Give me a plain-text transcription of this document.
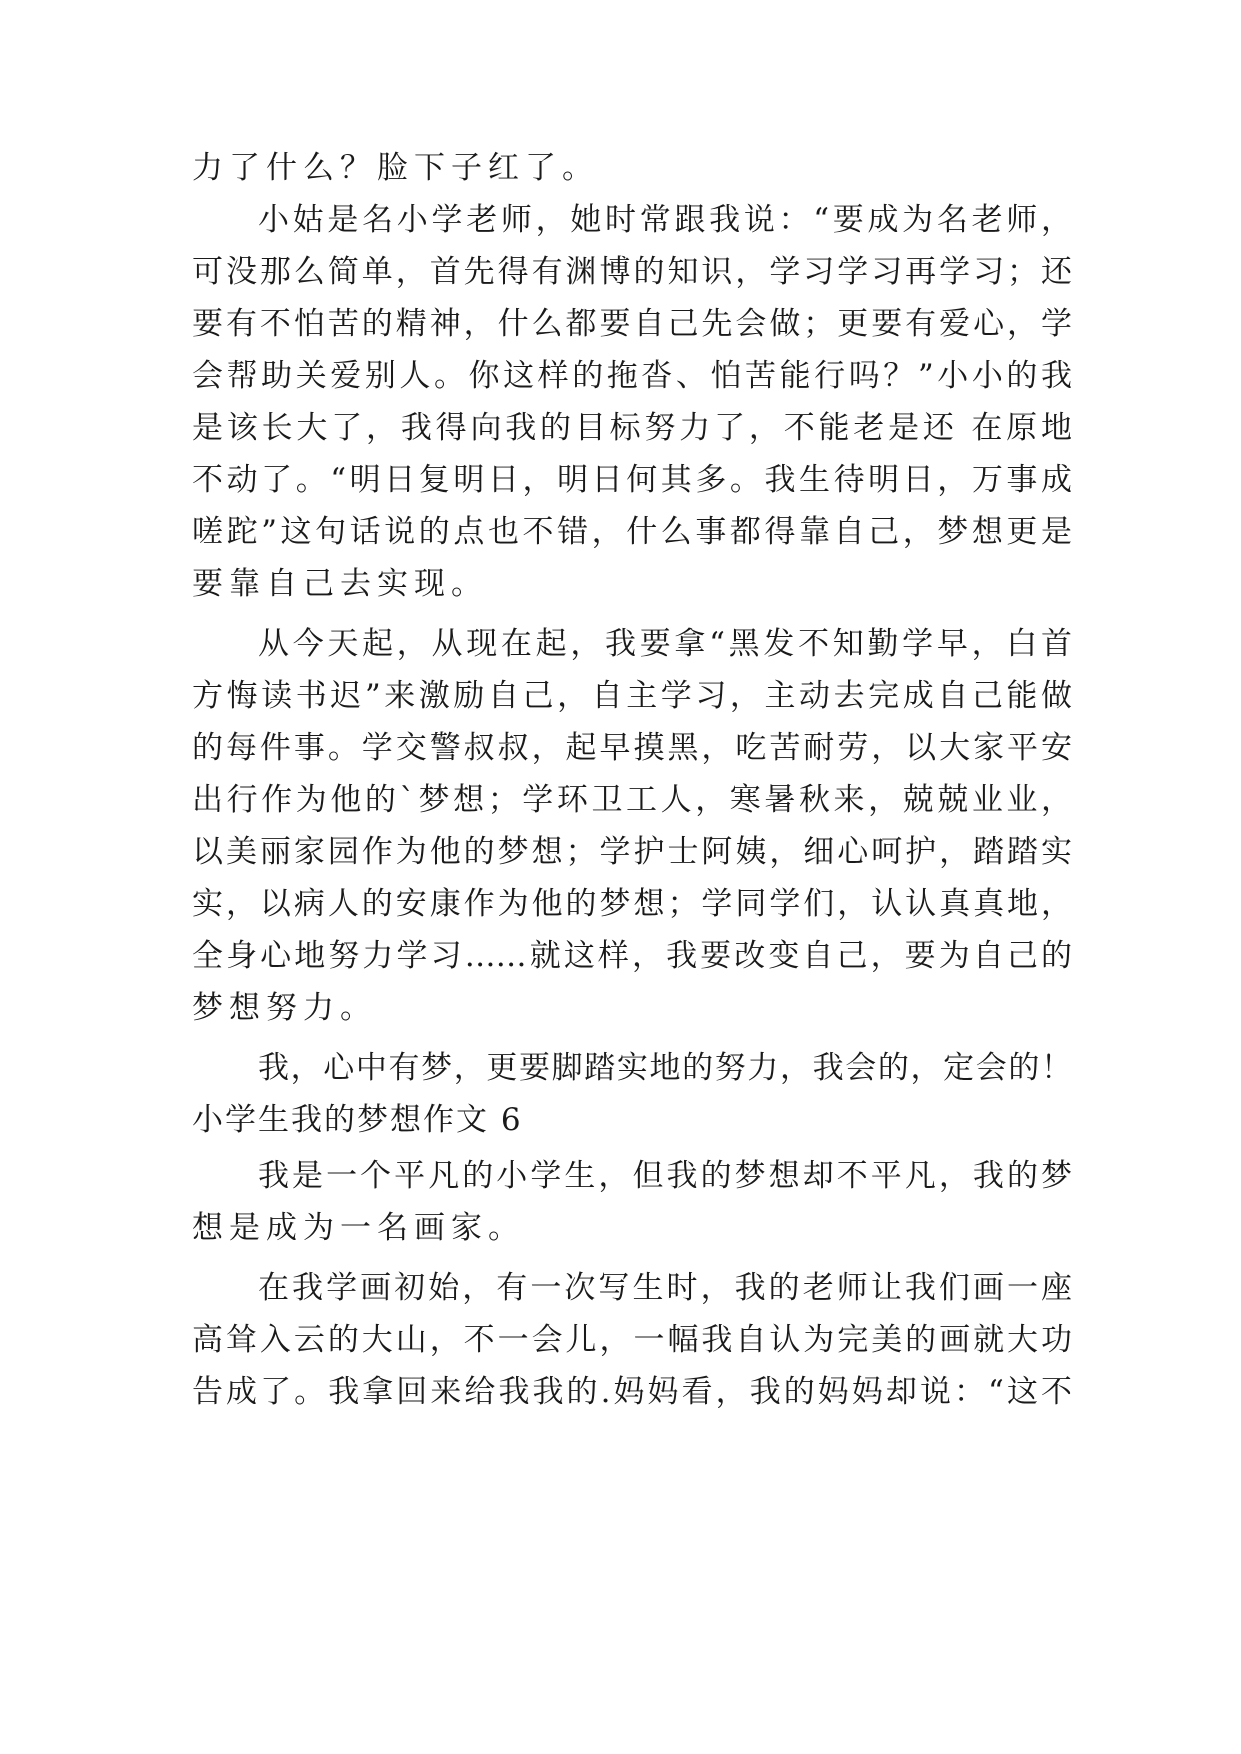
力了什么？脸下子红了。
小姑是名小学老师，她时常跟我说：“要成为名老师，
可没那么简单，首先得有渊博的知识，学习学习再学习；还
要有不怕苦的精神，什么都要自己先会做；更要有爱心，学
会帮助关爱别人。你这样的拖沓、怕苦能行吗？”小小的我
是该长大了，我得向我的目标努力了，不能老是还 在原地
不动了。“明日复明日，明日何其多。我生待明日，万事成
嗟跎”这句话说的点也不错，什么事都得靠自己，梦想更是
要靠自己去实现。
从今天起，从现在起，我要拿“黑发不知勤学早，白首
方悔读书迟”来激励自己，自主学习，主动去完成自己能做
的每件事。学交警叔叔，起早摸黑，吃苦耐劳，以大家平安
出行作为他的`梦想；学环卫工人，寒暑秋来，兢兢业业，
以美丽家园作为他的梦想；学护士阿姨，细心呵护，踏踏实
实，以病人的安康作为他的梦想；学同学们，认认真真地，
全身心地努力学习……就这样，我要改变自己，要为自己的
梦想努力。
我，心中有梦，更要脚踏实地的努力，我会的，定会的！
小学生我的梦想作文 6
我是一个平凡的小学生，但我的梦想却不平凡，我的梦
想是成为一名画家。
在我学画初始，有一次写生时，我的老师让我们画一座
高耸入云的大山，不一会儿，一幅我自认为完美的画就大功
告成了。我拿回来给我我的.妈妈看，我的妈妈却说：“这不
